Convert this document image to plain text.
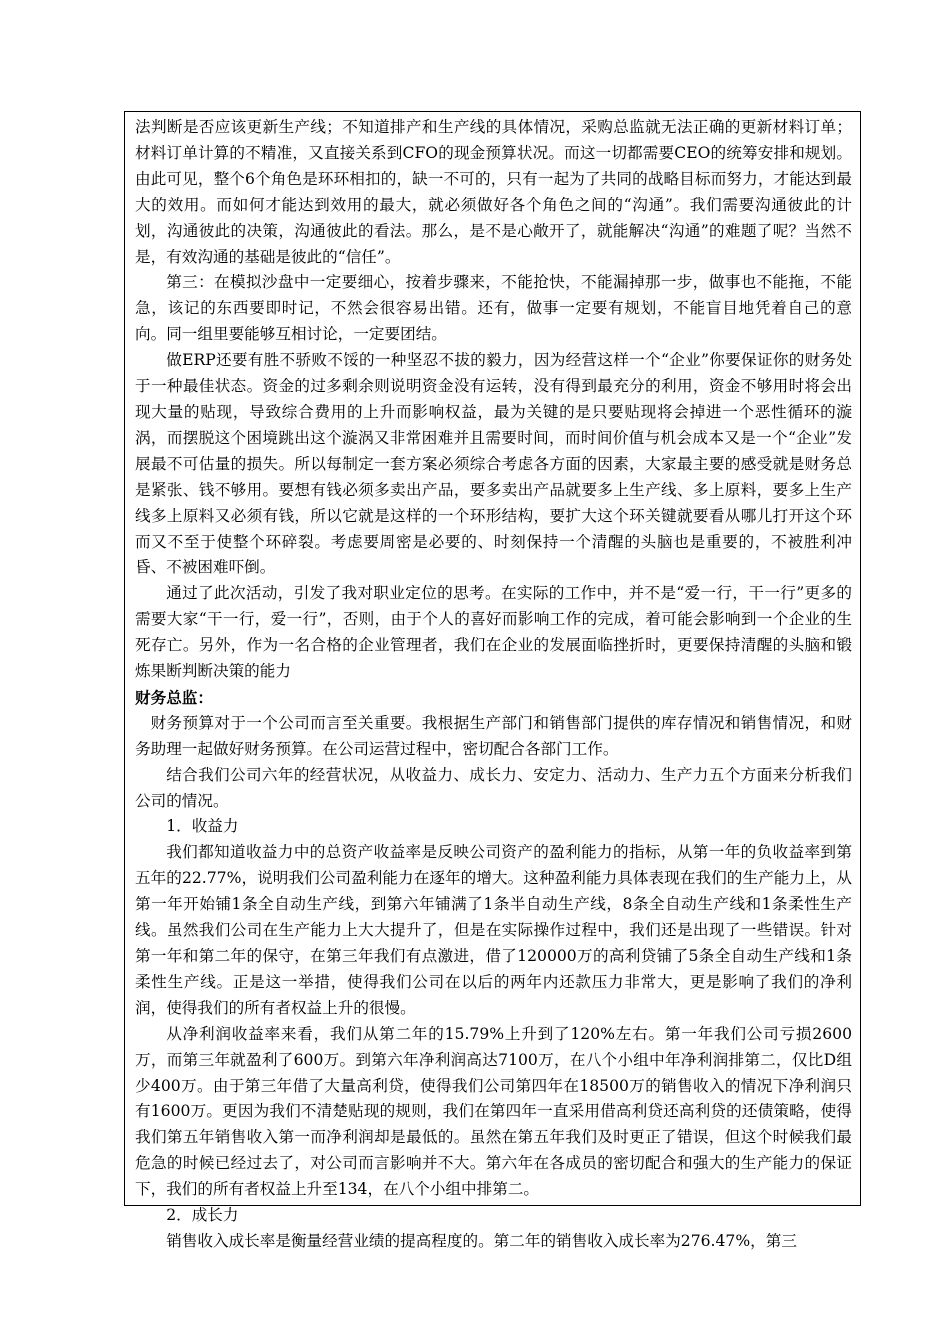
法判断是否应该更新生产线；不知道排产和生产线的具体情况，采购总监就无法正确的更新材料订单；材料订单计算的不精准，又直接关系到CFO的现金预算状况。而这一切都需要CEO的统筹安排和规划。由此可见，整个6个角色是环环相扣的，缺一不可的，只有一起为了共同的战略目标而努力，才能达到最大的效用。而如何才能达到效用的最大，就必须做好各个角色之间的“沟通”。我们需要沟通彼此的计划，沟通彼此的决策，沟通彼此的看法。那么，是不是心敞开了，就能解决“沟通”的难题了呢？当然不是，有效沟通的基础是彼此的“信任”。

第三：在模拟沙盘中一定要细心，按着步骤来，不能抢快，不能漏掉那一步，做事也不能拖，不能急，该记的东西要即时记，不然会很容易出错。还有，做事一定要有规划，不能盲目地凭着自己的意向。同一组里要能够互相讨论，一定要团结。

做ERP还要有胜不骄败不馁的一种坚忍不拔的毅力，因为经营这样一个“企业”你要保证你的财务处于一种最佳状态。资金的过多剩余则说明资金没有运转，没有得到最充分的利用，资金不够用时将会出现大量的贴现，导致综合费用的上升而影响权益，最为关键的是只要贴现将会掉进一个恶性循环的漩涡，而摆脱这个困境跳出这个漩涡又非常困难并且需要时间，而时间价值与机会成本又是一个“企业”发展最不可估量的损失。所以每制定一套方案必须综合考虑各方面的因素，大家最主要的感受就是财务总是紧张、钱不够用。要想有钱必须多卖出产品，要多卖出产品就要多上生产线、多上原料，要多上生产线多上原料又必须有钱，所以它就是这样的一个环形结构，要扩大这个环关键就要看从哪儿打开这个环而又不至于使整个环碎裂。考虑要周密是必要的、时刻保持一个清醒的头脑也是重要的，不被胜利冲昏、不被困难吓倒。

通过了此次活动，引发了我对职业定位的思考。在实际的工作中，并不是“爱一行，干一行”更多的需要大家“干一行，爱一行”，否则，由于个人的喜好而影响工作的完成，着可能会影响到一个企业的生死存亡。另外，作为一名合格的企业管理者，我们在企业的发展面临挫折时，更要保持清醒的头脑和锻炼果断判断决策的能力

财务总监：

财务预算对于一个公司而言至关重要。我根据生产部门和销售部门提供的库存情况和销售情况，和财务助理一起做好财务预算。在公司运营过程中，密切配合各部门工作。

结合我们公司六年的经营状况，从收益力、成长力、安定力、活动力、生产力五个方面来分析我们公司的情况。

1．收益力

我们都知道收益力中的总资产收益率是反映公司资产的盈利能力的指标，从第一年的负收益率到第五年的22.77%，说明我们公司盈利能力在逐年的增大。这种盈利能力具体表现在我们的生产能力上，从第一年开始铺1条全自动生产线，到第六年铺满了1条半自动生产线，8条全自动生产线和1条柔性生产线。虽然我们公司在生产能力上大大提升了，但是在实际操作过程中，我们还是出现了一些错误。针对第一年和第二年的保守，在第三年我们有点激进，借了120000万的高利贷铺了5条全自动生产线和1条柔性生产线。正是这一举措，使得我们公司在以后的两年内还款压力非常大，更是影响了我们的净利润，使得我们的所有者权益上升的很慢。

从净利润收益率来看，我们从第二年的15.79%上升到了120%左右。第一年我们公司亏损2600万，而第三年就盈利了600万。到第六年净利润高达7100万，在八个小组中年净利润排第二，仅比D组 少400万。由于第三年借了大量高利贷，使得我们公司第四年在18500万的销售收入的情况下净利润只有1600万。更因为我们不清楚贴现的规则，我们在第四年一直采用借高利贷还高利贷的还债策略，使得我们第五年销售收入第一而净利润却是最低的。虽然在第五年我们及时更正了错误，但这个时候我们最危急的时候已经过去了，对公司而言影响并不大。第六年在各成员的密切配合和强大的生产能力的保证下，我们的所有者权益上升至134，在八个小组中排第二。

2．成长力

销售收入成长率是衡量经营业绩的提高程度的。第二年的销售收入成长率为276.47%，第三
